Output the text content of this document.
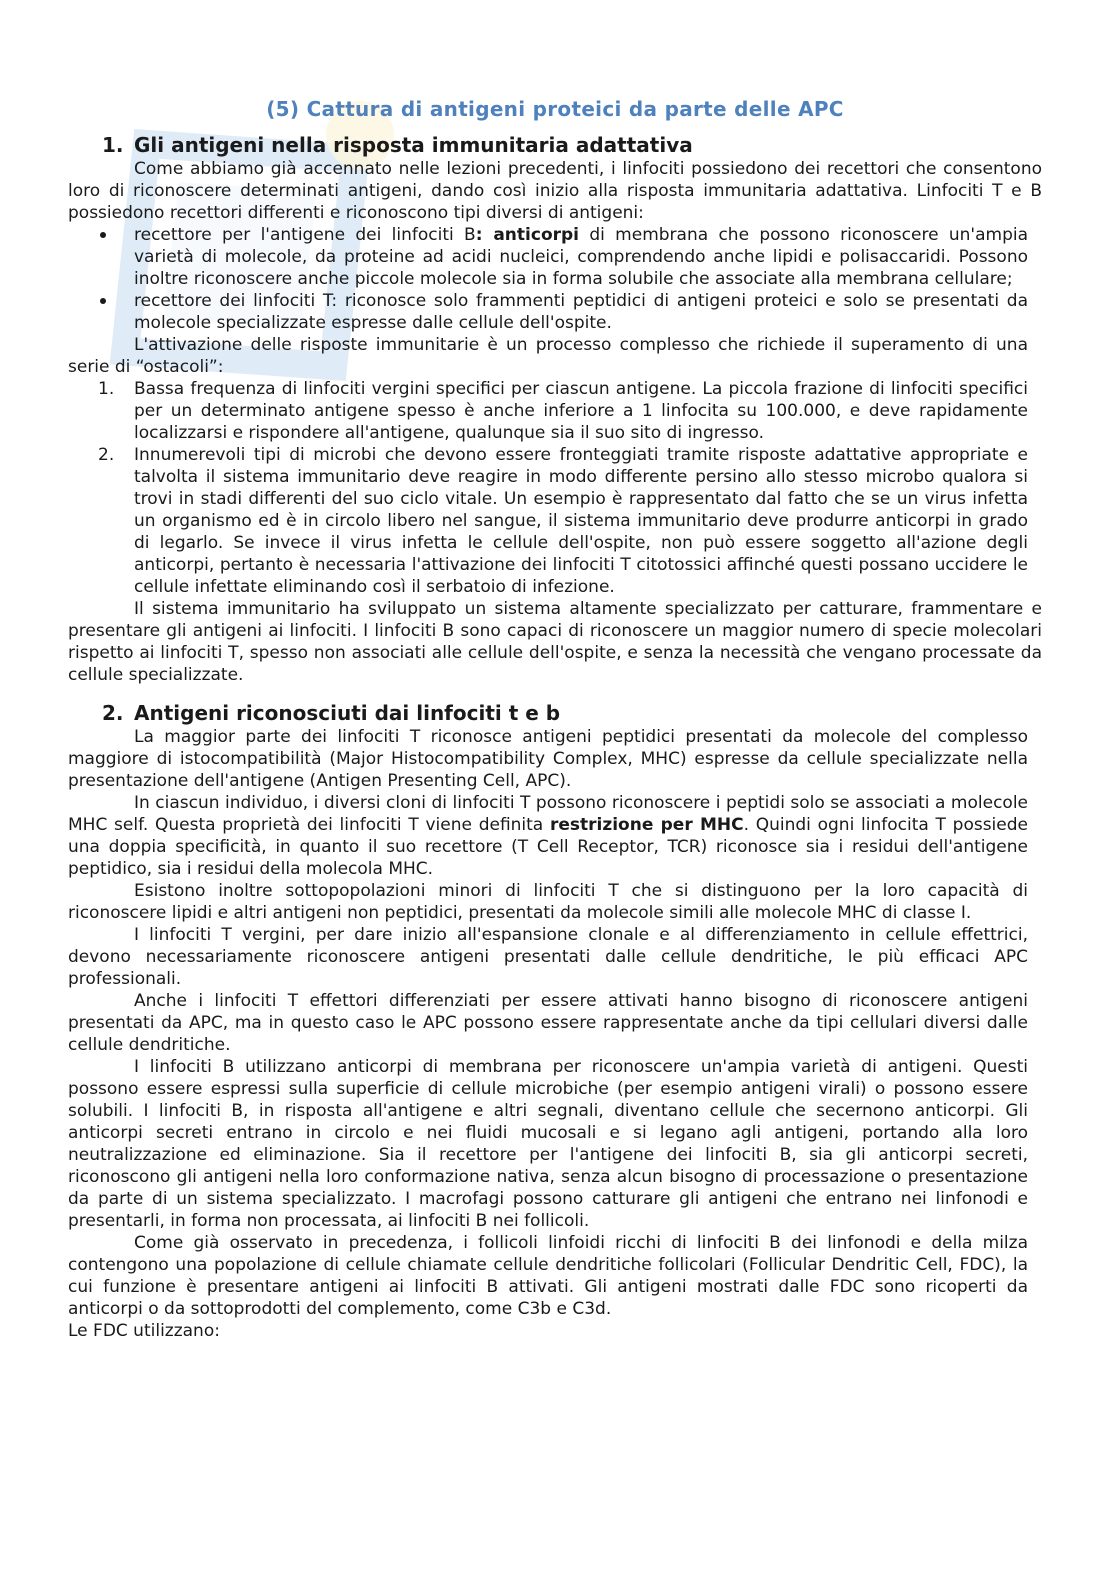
(5) Cattura di antigeni proteici da parte delle APC
1. Gli antigeni nella risposta immunitaria adattativa

Come abbiamo già accennato nelle lezioni precedenti, i linfociti possiedono dei recettori che consentono loro di riconoscere determinati antigeni, dando così inizio alla risposta immunitaria adattativa. Linfociti T e B possiedono recettori differenti e riconoscono tipi diversi di antigeni:

recettore per l'antigene dei linfociti B: anticorpi di membrana che possono riconoscere un'ampia varietà di molecole, da proteine ad acidi nucleici, comprendendo anche lipidi e polisaccaridi. Possono inoltre riconoscere anche piccole molecole sia in forma solubile che associate alla membrana cellulare;
recettore dei linfociti T: riconosce solo frammenti peptidici di antigeni proteici e solo se presentati da molecole specializzate espresse dalle cellule dell'ospite.

L'attivazione delle risposte immunitarie è un processo complesso che richiede il superamento di una serie di “ostacoli”:

1. Bassa frequenza di linfociti vergini specifici per ciascun antigene. La piccola frazione di linfociti specifici per un determinato antigene spesso è anche inferiore a 1 linfocita su 100.000, e deve rapidamente localizzarsi e rispondere all'antigene, qualunque sia il suo sito di ingresso.
2. Innumerevoli tipi di microbi che devono essere fronteggiati tramite risposte adattative appropriate e talvolta il sistema immunitario deve reagire in modo differente persino allo stesso microbo qualora si trovi in stadi differenti del suo ciclo vitale. Un esempio è rappresentato dal fatto che se un virus infetta un organismo ed è in circolo libero nel sangue, il sistema immunitario deve produrre anticorpi in grado di legarlo. Se invece il virus infetta le cellule dell'ospite, non può essere soggetto all'azione degli anticorpi, pertanto è necessaria l'attivazione dei linfociti T citotossici affinché questi possano uccidere le cellule infettate eliminando così il serbatoio di infezione.

Il sistema immunitario ha sviluppato un sistema altamente specializzato per catturare, frammentare e presentare gli antigeni ai linfociti. I linfociti B sono capaci di riconoscere un maggior numero di specie molecolari rispetto ai linfociti T, spesso non associati alle cellule dell'ospite, e senza la necessità che vengano processate da cellule specializzate.

2. Antigeni riconosciuti dai linfociti t e b

La maggior parte dei linfociti T riconosce antigeni peptidici presentati da molecole del complesso maggiore di istocompatibilità (Major Histocompatibility Complex, MHC) espresse da cellule specializzate nella presentazione dell'antigene (Antigen Presenting Cell, APC).

In ciascun individuo, i diversi cloni di linfociti T possono riconoscere i peptidi solo se associati a molecole MHC self. Questa proprietà dei linfociti T viene definita restrizione per MHC. Quindi ogni linfocita T possiede una doppia specificità, in quanto il suo recettore (T Cell Receptor, TCR) riconosce sia i residui dell'antigene peptidico, sia i residui della molecola MHC.

Esistono inoltre sottopopolazioni minori di linfociti T che si distinguono per la loro capacità di riconoscere lipidi e altri antigeni non peptidici, presentati da molecole simili alle molecole MHC di classe I.

I linfociti T vergini, per dare inizio all'espansione clonale e al differenziamento in cellule effettrici, devono necessariamente riconoscere antigeni presentati dalle cellule dendritiche, le più efficaci APC professionali.

Anche i linfociti T effettori differenziati per essere attivati hanno bisogno di riconoscere antigeni presentati da APC, ma in questo caso le APC possono essere rappresentate anche da tipi cellulari diversi dalle cellule dendritiche.

I linfociti B utilizzano anticorpi di membrana per riconoscere un'ampia varietà di antigeni. Questi possono essere espressi sulla superficie di cellule microbiche (per esempio antigeni virali) o possono essere solubili. I linfociti B, in risposta all'antigene e altri segnali, diventano cellule che secernono anticorpi. Gli anticorpi secreti entrano in circolo e nei fluidi mucosali e si legano agli antigeni, portando alla loro neutralizzazione ed eliminazione. Sia il recettore per l'antigene dei linfociti B, sia gli anticorpi secreti, riconoscono gli antigeni nella loro conformazione nativa, senza alcun bisogno di processazione o presentazione da parte di un sistema specializzato. I macrofagi possono catturare gli antigeni che entrano nei linfonodi e presentarli, in forma non processata, ai linfociti B nei follicoli.

Come già osservato in precedenza, i follicoli linfoidi ricchi di linfociti B dei linfonodi e della milza contengono una popolazione di cellule chiamate cellule dendritiche follicolari (Follicular Dendritic Cell, FDC), la cui funzione è presentare antigeni ai linfociti B attivati. Gli antigeni mostrati dalle FDC sono ricoperti da anticorpi o da sottoprodotti del complemento, come C3b e C3d.

Le FDC utilizzano:
